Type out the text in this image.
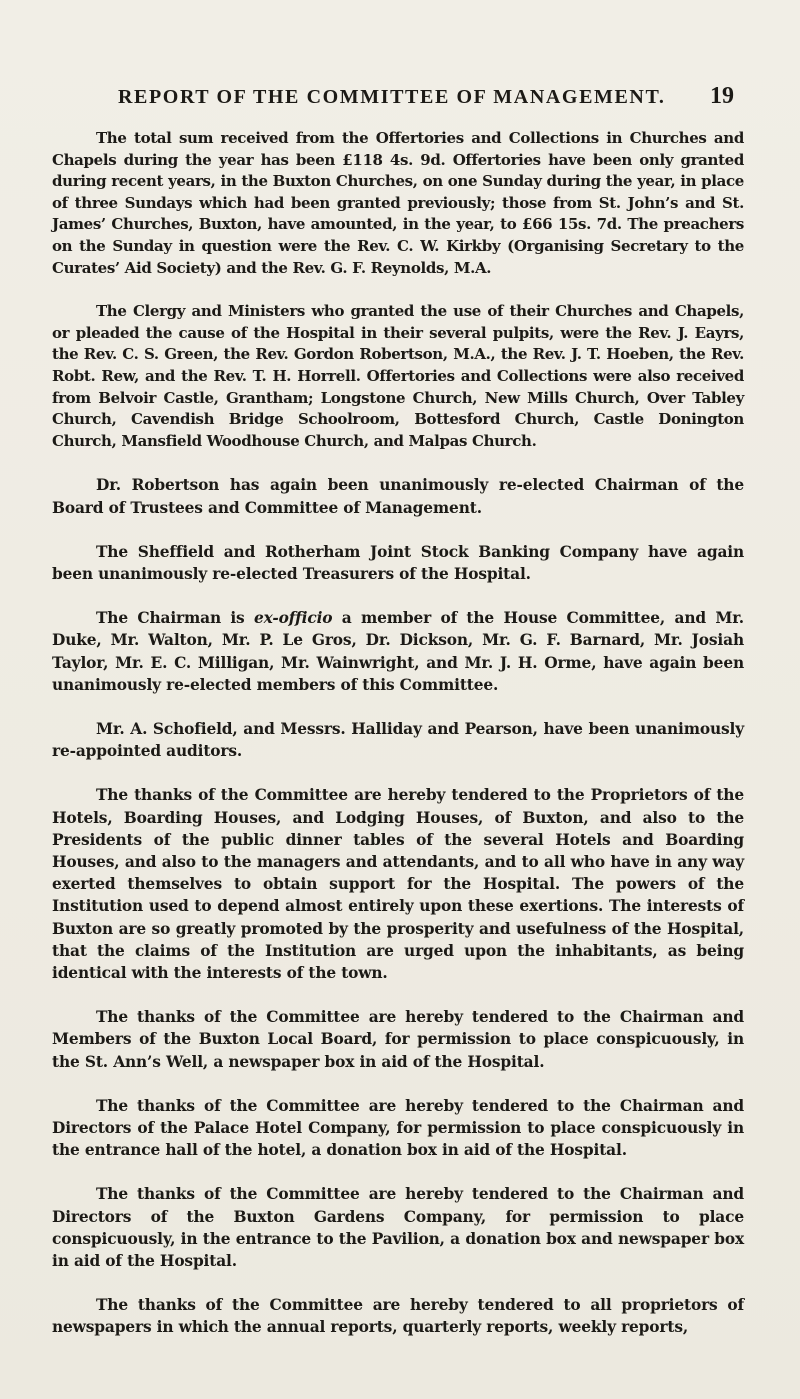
REPORT OF THE COMMITTEE OF MANAGEMENT. 19

The total sum received from the Offertories and Collections in Churches and Chapels during the year has been £118 4s. 9d. Offertories have been only granted during recent years, in the Buxton Churches, on one Sunday during the year, in place of three Sundays which had been granted previously; those from St. John’s and St. James’ Churches, Buxton, have amounted, in the year, to £66 15s. 7d. The preachers on the Sunday in question were the Rev. C. W. Kirkby (Organising Secretary to the Curates’ Aid Society) and the Rev. G. F. Reynolds, M.A.

The Clergy and Ministers who granted the use of their Churches and Chapels, or pleaded the cause of the Hospital in their several pulpits, were the Rev. J. Eayrs, the Rev. C. S. Green, the Rev. Gordon Robertson, M.A., the Rev. J. T. Hoeben, the Rev. Robt. Rew, and the Rev. T. H. Horrell. Offertories and Collections were also received from Belvoir Castle, Grantham; Longstone Church, New Mills Church, Over Tabley Church, Cavendish Bridge Schoolroom, Bottesford Church, Castle Donington Church, Mansfield Woodhouse Church, and Malpas Church.

Dr. Robertson has again been unanimously re-elected Chairman of the Board of Trustees and Committee of Management.

The Sheffield and Rotherham Joint Stock Banking Company have again been unanimously re-elected Treasurers of the Hospital.

The Chairman is ex-officio a member of the House Committee, and Mr. Duke, Mr. Walton, Mr. P. Le Gros, Dr. Dickson, Mr. G. F. Barnard, Mr. Josiah Taylor, Mr. E. C. Milligan, Mr. Wainwright, and Mr. J. H. Orme, have again been unanimously re-elected members of this Committee.

Mr. A. Schofield, and Messrs. Halliday and Pearson, have been unanimously re-appointed auditors.

The thanks of the Committee are hereby tendered to the Proprietors of the Hotels, Boarding Houses, and Lodging Houses, of Buxton, and also to the Presidents of the public dinner tables of the several Hotels and Boarding Houses, and also to the managers and attendants, and to all who have in any way exerted themselves to obtain support for the Hospital. The powers of the Institution used to depend almost entirely upon these exertions. The interests of Buxton are so greatly promoted by the prosperity and usefulness of the Hospital, that the claims of the Institution are urged upon the inhabitants, as being identical with the interests of the town.

The thanks of the Committee are hereby tendered to the Chairman and Members of the Buxton Local Board, for permission to place conspicuously, in the St. Ann’s Well, a newspaper box in aid of the Hospital.

The thanks of the Committee are hereby tendered to the Chairman and Directors of the Palace Hotel Company, for permission to place conspicuously in the entrance hall of the hotel, a donation box in aid of the Hospital.

The thanks of the Committee are hereby tendered to the Chairman and Directors of the Buxton Gardens Company, for permission to place conspicuously, in the entrance to the Pavilion, a donation box and newspaper box in aid of the Hospital.

The thanks of the Committee are hereby tendered to all proprietors of newspapers in which the annual reports, quarterly reports, weekly reports,
